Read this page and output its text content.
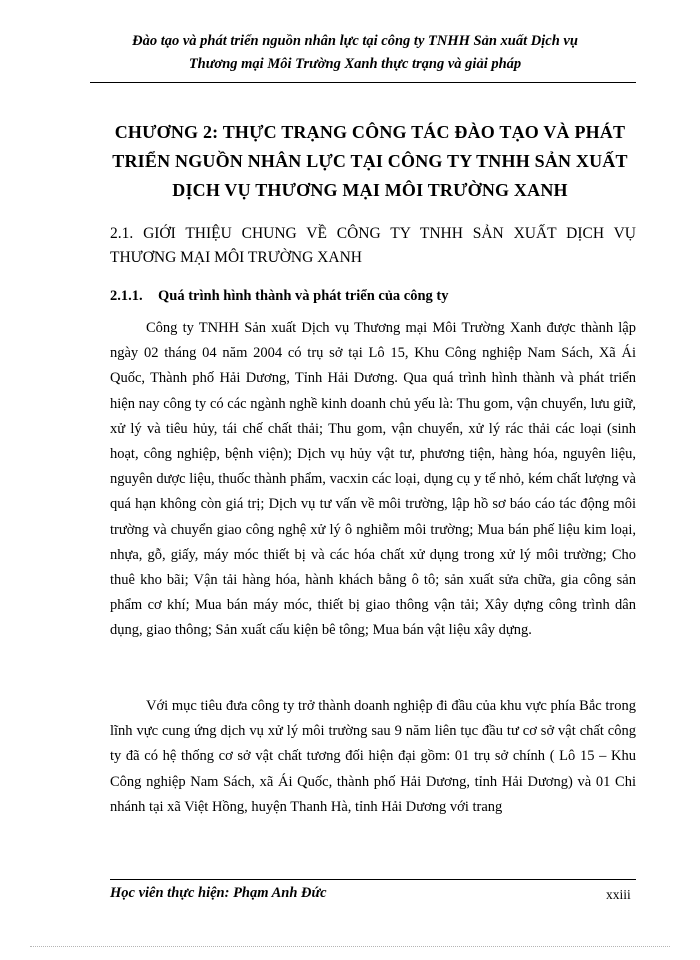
Đào tạo và phát triển nguồn nhân lực tại công ty TNHH Sản xuất Dịch vụ
Thương mại Môi Trường Xanh thực trạng và giải pháp
CHƯƠNG 2: THỰC TRẠNG CÔNG TÁC ĐÀO TẠO VÀ PHÁT
TRIỂN NGUỒN NHÂN LỰC TẠI CÔNG TY TNHH SẢN XUẤT
DỊCH VỤ THƯƠNG MẠI MÔI TRƯỜNG XANH
2.1. GIỚI THIỆU CHUNG VỀ CÔNG TY TNHH SẢN XUẤT DỊCH VỤ
THƯƠNG MẠI MÔI TRƯỜNG XANH
2.1.1. Quá trình hình thành và phát triển của công ty

Công ty TNHH Sản xuất Dịch vụ Thương mại Môi Trường Xanh được thành lập ngày 02 tháng 04 năm 2004 có trụ sở tại Lô 15, Khu Công nghiệp Nam Sách, Xã Ái Quốc, Thành phố Hải Dương, Tỉnh Hải Dương. Qua quá trình hình thành và phát triển hiện nay công ty có các ngành nghề kinh doanh chủ yếu là: Thu gom, vận chuyển, lưu giữ, xử lý và tiêu hủy, tái chế chất thải; Thu gom, vận chuyển, xử lý rác thải các loại (sinh hoạt, công nghiệp, bệnh viện); Dịch vụ hủy vật tư, phương tiện, hàng hóa, nguyên liệu, nguyên dược liệu, thuốc thành phẩm, vacxin các loại, dụng cụ y tế nhỏ, kém chất lượng và quá hạn không còn giá trị; Dịch vụ tư vấn về môi trường, lập hồ sơ báo cáo tác động môi trường và chuyển giao công nghệ xử lý ô nghiễm môi trường; Mua bán phế liệu kim loại, nhựa, gỗ, giấy, máy móc thiết bị và các hóa chất xử dụng trong xử lý môi trường; Cho thuê kho bãi; Vận tải hàng hóa, hành khách bằng ô tô; sản xuất sửa chữa, gia công sản phẩm cơ khí; Mua bán máy móc, thiết bị giao thông vận tải; Xây dựng công trình dân dụng, giao thông; Sản xuất cấu kiện bê tông; Mua bán vật liệu xây dựng.

Với mục tiêu đưa công ty trở thành doanh nghiệp đi đầu của khu vực phía Bắc trong lĩnh vực cung ứng dịch vụ xử lý môi trường sau 9 năm liên tục đầu tư cơ sở vật chất công ty đã có hệ thống cơ sở vật chất tương đối hiện đại gồm: 01 trụ sở chính ( Lô 15 – Khu Công nghiệp Nam Sách, xã Ái Quốc, thành phố Hải Dương, tỉnh Hải Dương) và 01 Chi nhánh tại xã Việt Hồng, huyện Thanh Hà, tỉnh Hải Dương với trang

Học viên thực hiện: Phạm Anh Đức	xxiii
